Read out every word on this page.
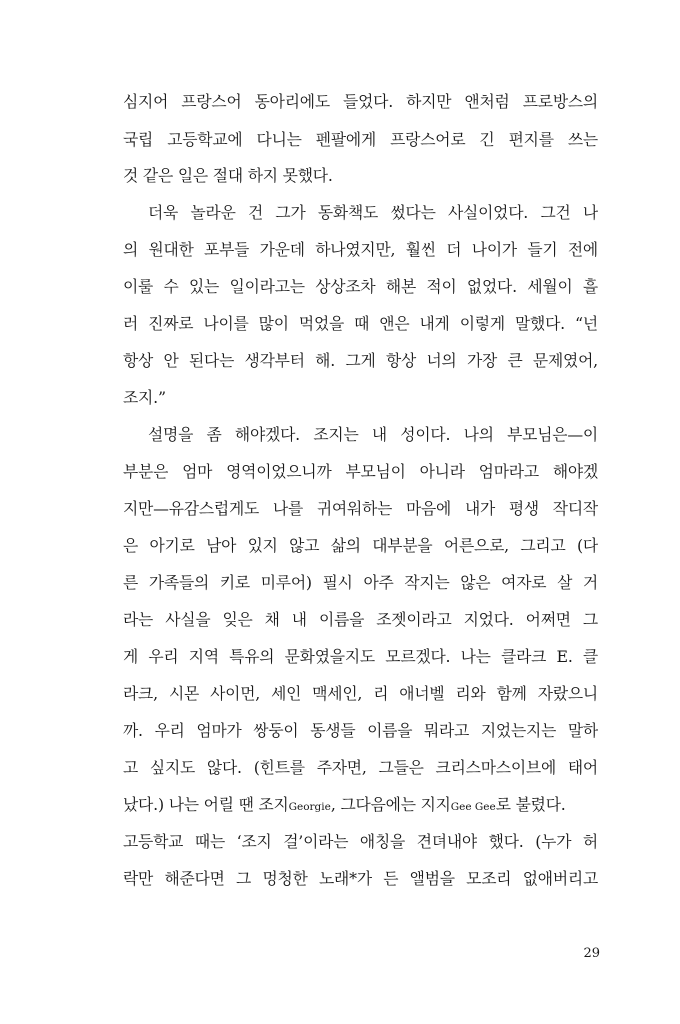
심지어 프랑스어 동아리에도 들었다. 하지만 앤처럼 프로방스의
국립 고등학교에 다니는 펜팔에게 프랑스어로 긴 편지를 쓰는
것 같은 일은 절대 하지 못했다.
더욱 놀라운 건 그가 동화책도 썼다는 사실이었다. 그건 나
의 원대한 포부들 가운데 하나였지만, 훨씬 더 나이가 들기 전에
이룰 수 있는 일이라고는 상상조차 해본 적이 없었다. 세월이 흘
러 진짜로 나이를 많이 먹었을 때 앤은 내게 이렇게 말했다. “넌
항상 안 된다는 생각부터 해. 그게 항상 너의 가장 큰 문제였어,
조지.”
설명을 좀 해야겠다. 조지는 내 성이다. 나의 부모님은—이
부분은 엄마 영역이었으니까 부모님이 아니라 엄마라고 해야겠
지만—유감스럽게도 나를 귀여워하는 마음에 내가 평생 작디작
은 아기로 남아 있지 않고 삶의 대부분을 어른으로, 그리고 (다
른 가족들의 키로 미루어) 필시 아주 작지는 않은 여자로 살 거
라는 사실을 잊은 채 내 이름을 조젯이라고 지었다. 어쩌면 그
게 우리 지역 특유의 문화였을지도 모르겠다. 나는 클라크 E. 클
라크, 시몬 사이먼, 세인 맥세인, 리 애너벨 리와 함께 자랐으니
까. 우리 엄마가 쌍둥이 동생들 이름을 뭐라고 지었는지는 말하
고 싶지도 않다. (힌트를 주자면, 그들은 크리스마스이브에 태어
났다.) 나는 어릴 땐 조지Georgie, 그다음에는 지지Gee Gee로 불렸다.
고등학교 때는 ‘조지 걸’이라는 애칭을 견뎌내야 했다. (누가 허
락만 해준다면 그 멍청한 노래*가 든 앨범을 모조리 없애버리고
29
